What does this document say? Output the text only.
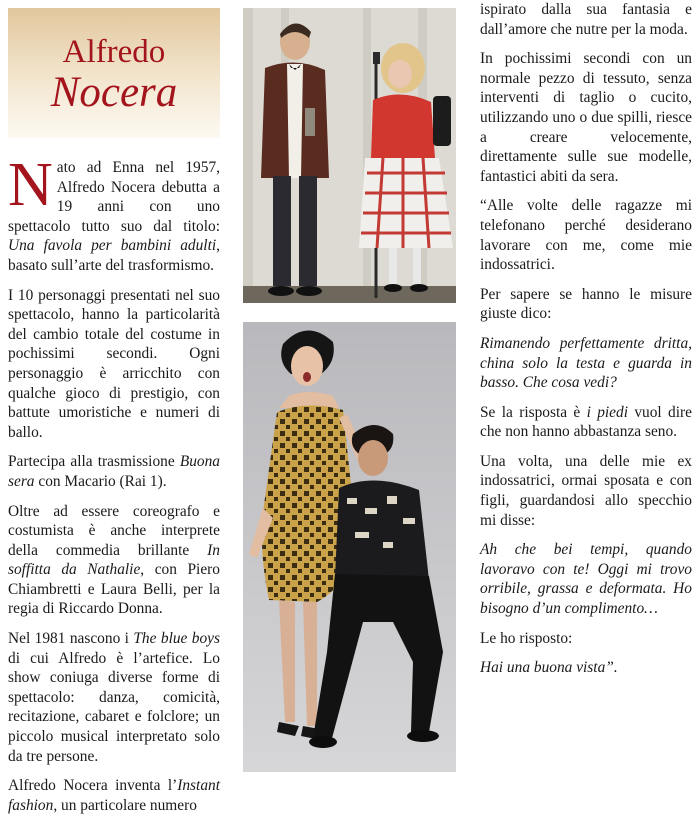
Alfredo
Nocera

Nato ad Enna nel 1957, Alfredo Nocera debutta a 19 anni con uno spettacolo tutto suo dal titolo: Una favola per bambini adulti, basato sull’arte del trasformismo.

I 10 personaggi presentati nel suo spettacolo, hanno la particolarità del cambio totale del costume in pochissimi secondi. Ogni personaggio è arricchito con qualche gioco di prestigio, con battute umoristiche e numeri di ballo.

Partecipa alla trasmissione Buona sera con Macario (Rai 1).

Oltre ad essere coreografo e costumista è anche interprete della commedia brillante In soffitta da Nathalie, con Piero Chiambretti e Laura Belli, per la regia di Riccardo Donna.

Nel 1981 nascono i The blue boys di cui Alfredo è l’artefice. Lo show coniuga diverse forme di spettacolo: danza, comicità, recitazione, cabaret e folclore; un piccolo musical interpretato solo da tre persone.

Alfredo Nocera inventa l’Instant fashion, un particolare numero

ispirato dalla sua fantasia e dall’amore che nutre per la moda.

In pochissimi secondi con un normale pezzo di tessuto, senza interventi di taglio o cucito, utilizzando uno o due spilli, riesce a creare velocemente, direttamente sulle sue modelle, fantastici abiti da sera.

“Alle volte delle ragazze mi telefonano perché desiderano lavorare con me, come mie indossatrici.

Per sapere se hanno le misure giuste dico:

Rimanendo perfettamente dritta, china solo la testa e guarda in basso. Che cosa vedi?

Se la risposta è i piedi vuol dire che non hanno abbastanza seno.

Una volta, una delle mie ex indossatrici, ormai sposata e con figli, guardandosi allo specchio mi disse:

Ah che bei tempi, quando lavoravo con te! Oggi mi trovo orribile, grassa e deformata. Ho bisogno d’un complimento…

Le ho risposto:

Hai una buona vista”.
